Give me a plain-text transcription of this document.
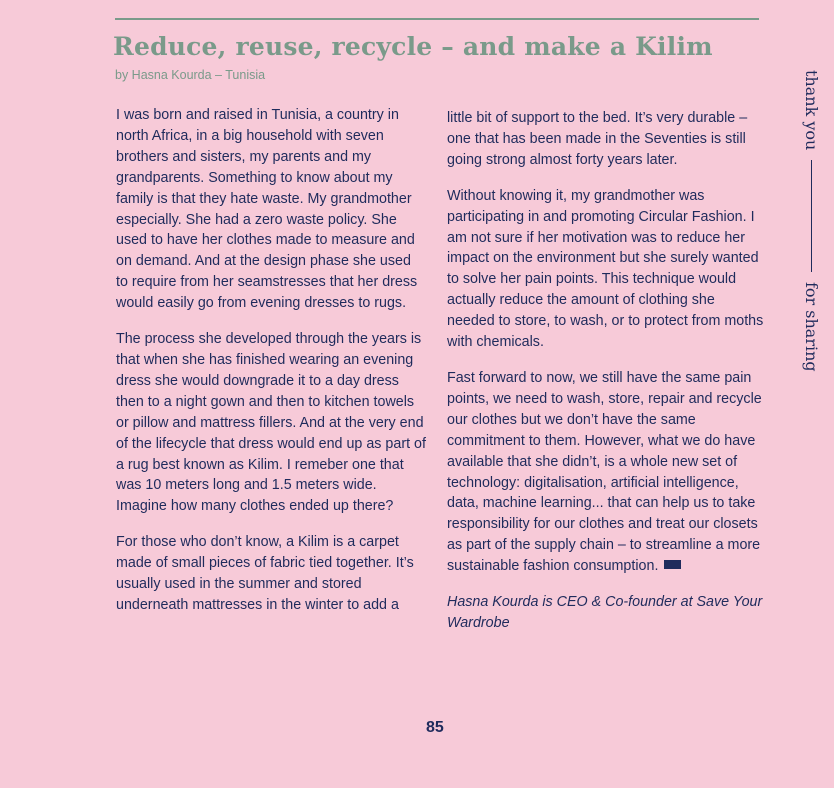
Reduce, reuse, recycle – and make a Kilim
by Hasna Kourda – Tunisia

I was born and raised in Tunisia, a country in north Africa, in a big household with seven brothers and sisters, my parents and my grandparents. Something to know about my family is that they hate waste. My grandmother especially. She had a zero waste policy. She used to have her clothes made to measure and on demand. And at the design phase she used to require from her seamstresses that her dress would easily go from evening dresses to rugs.

The process she developed through the years is that when she has finished wearing an evening dress she would downgrade it to a day dress then to a night gown and then to kitchen towels or pillow and mattress fillers. And at the very end of the lifecycle that dress would end up as part of a rug best known as Kilim. I remeber one that was 10 meters long and 1.5 meters wide. Imagine how many clothes ended up there?

For those who don’t know, a Kilim is a carpet made of small pieces of fabric tied together. It’s usually used in the summer and stored underneath mattresses in the winter to add a

little bit of support to the bed. It’s very durable – one that has been made in the Seventies is still going strong almost forty years later.

Without knowing it, my grandmother was participating in and promoting Circular Fashion. I am not sure if her motivation was to reduce her impact on the environment but she surely wanted to solve her pain points. This technique would actually reduce the amount of clothing she needed to store, to wash, or to protect from moths with chemicals.

Fast forward to now, we still have the same pain points, we need to wash, store, repair and recycle our clothes but we don’t have the same commitment to them. However, what we do have available that she didn’t, is a whole new set of technology: digitalisation, artificial intelligence, data, machine learning... that can help us to take responsibility for our clothes and treat our closets as part of the supply chain – to streamline a more sustainable fashion consumption.

Hasna Kourda is CEO & Co-founder at Save Your Wardrobe

thank you
for sharing
85
